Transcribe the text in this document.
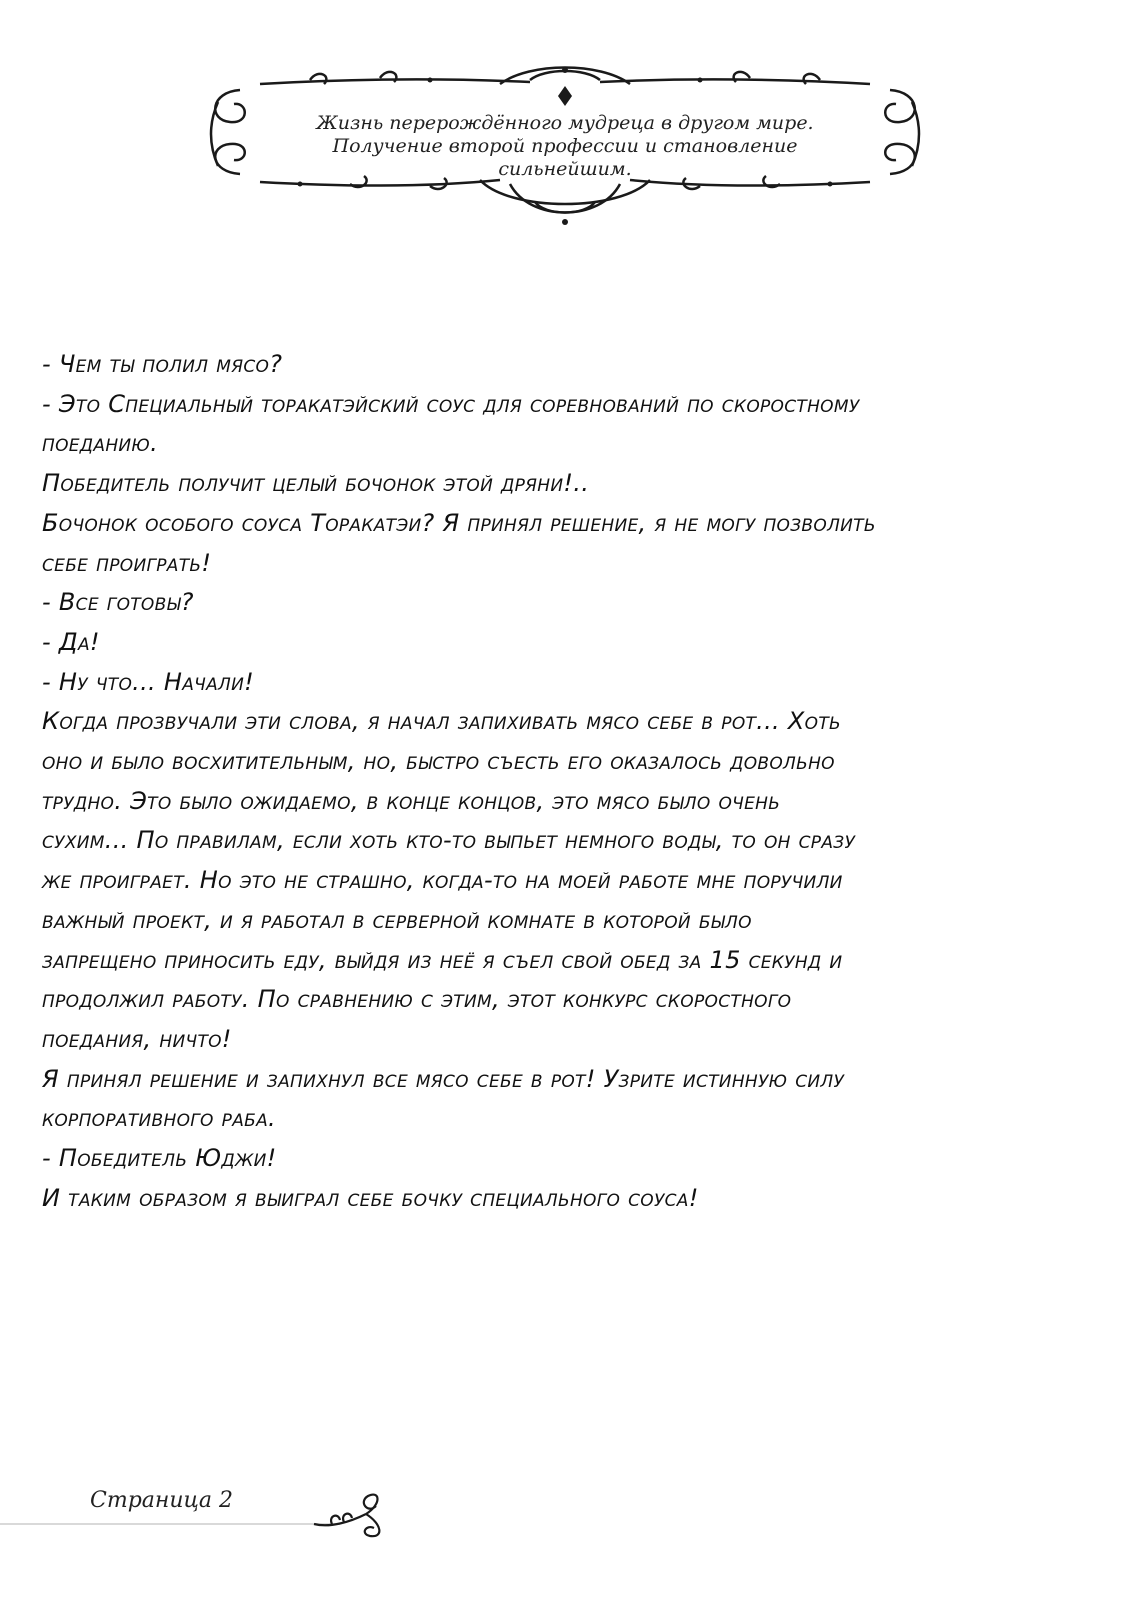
Жизнь перерождённого мудреца в другом мире.
Получение второй профессии и становление
сильнейшим.

- Чем ты полил мясо?

- Это Специальный торакатэйский соус для соревнований по скоростному

поеданию.

Победитель получит целый бочонок этой дряни!..

Бочонок особого соуса Торакатэи? Я принял решение, я не могу позволить

себе проиграть!

- Все готовы?

- Да!

- Ну что... Начали!

Когда прозвучали эти слова, я начал запихивать мясо себе в рот... Хоть

оно и было восхитительным, но, быстро съесть его оказалось довольно

трудно. Это было ожидаемо, в конце концов, это мясо было очень

сухим... По правилам, если хоть кто-то выпьет немного воды, то он сразу

же проиграет. Но это не страшно, когда-то на моей работе мне поручили

важный проект, и я работал в серверной комнате в которой было

запрещено приносить еду, выйдя из неё я съел свой обед за 15 секунд и

продолжил работу. По сравнению с этим, этот конкурс скоростного

поедания, ничто!

Я принял решение и запихнул все мясо себе в рот! Узрите истинную силу

корпоративного раба.

- Победитель Юджи!

И таким образом я выиграл себе бочку специального соуса!

Страница 2
